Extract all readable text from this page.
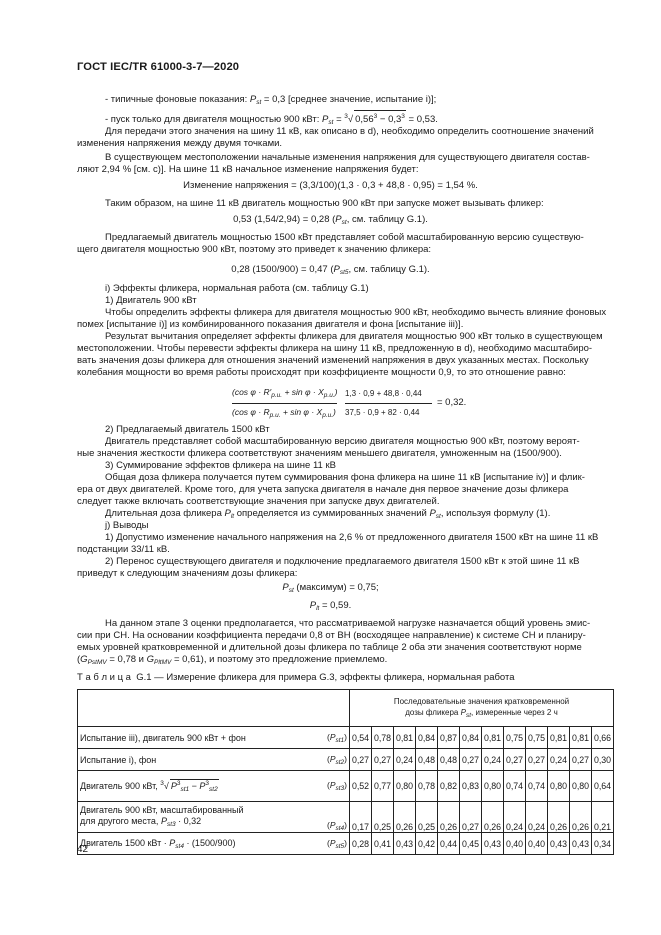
ГОСТ IEC/TR 61000-3-7—2020
- типичные фоновые показания: $P_{st} = 0,3$ [среднее значение, испытание i)];
- пуск только для двигателя мощностью 900 кВт: $P_{st} = ^3√$ $0,56^3 - 0,3^3 = 0,53$.
Для передачи этого значения на шину 11 кВ, как описано в d), необходимо определить соотношение значений
изменения напряжения между двумя точками.
В существующем местоположении начальные изменения напряжения для существующего двигателя состав-
ляют 2,94 % [см. с)]. На шине 11 кВ начальное изменение напряжения будет:
Изменение напряжения = (3,3/100)(1,3 · 0,3 + 48,8 · 0,95) = 1,54 %.
Таким образом, на шине 11 кВ двигатель мощностью 900 кВт при запуске может вызывать фликер:
0,53 (1,54/2,94) = 0,28 ($P_{st}$, см. таблицу G.1).
Предлагаемый двигатель мощностью 1500 кВт представляет собой масштабированную версию существую-
щего двигателя мощностью 900 кВт, поэтому это приведет к значению фликера:
0,28 (1500/900) = 0,47 ($P_{st5}$, см. таблицу G.1).
i) Эффекты фликера, нормальная работа (см. таблицу G.1)
1) Двигатель 900 кВт
Чтобы определить эффекты фликера для двигателя мощностью 900 кВт, необходимо вычесть влияние фоновых
помех [испытание i)] из комбинированного показания двигателя и фона [испытание iii)].
Результат вычитания определяет эффекты фликера для двигателя мощностью 900 кВт только в существующем
местоположении. Чтобы перевести эффекты фликера на шину 11 кВ, предложенную в d), необходимо масштабиро-
вать значения дозы фликера для отношения значений изменений напряжения в двух указанных местах. Поскольку
колебания мощности во время работы происходят при коэффициенте мощности 0,9, то это отношение равно:
(cos $\varphi \cdot R'_{p.u.} + \sin \varphi \cdot X_{p.u.}$)
(cos $\varphi \cdot R_{p.u.} + \sin \varphi \cdot X_{p.u.}$)
1,3 · 0,9 + 48,8 · 0,44
37,5 · 0,9 + 82 · 0,44
= 0,32.
2) Предлагаемый двигатель 1500 кВт
Двигатель представляет собой масштабированную версию двигателя мощностью 900 кВт, поэтому вероят-
ные значения жесткости фликера соответствуют значениям меньшего двигателя, умноженным на (1500/900).
3) Суммирование эффектов фликера на шине 11 кВ
Общая доза фликера получается путем суммирования фона фликера на шине 11 кВ [испытание iv)] и флик-
ера от двух двигателей. Кроме того, для учета запуска двигателя в начале дня первое значение дозы фликера
следует также включать соответствующие значения при запуске двух двигателей.
Длительная доза фликера $P_{lt}$ определяется из суммированных значений $P_{st}$, используя формулу (1).
j) Выводы
1) Допустимо изменение начального напряжения на 2,6 % от предложенного двигателя 1500 кВт на шине 11 кВ
подстанции 33/11 кВ.
2) Перенос существующего двигателя и подключение предлагаемого двигателя 1500 кВт к этой шине 11 кВ
приведут к следующим значениям дозы фликера:
$P_{st}$ (максимум) = 0,75;
$P_{lt} = 0,59$.
На данном этапе 3 оценки предполагается, что рассматриваемой нагрузке назначается общий уровень эмис-
сии при СН. На основании коэффициента передачи 0,8 от ВН (восходящее направление) к системе СН и планиру-
емых уровней кратковременной и длительной дозы фликера по таблице 2 оба эти значения соответствуют норме
($G_{PstMV} = 0,78$ и $G_{PltMV} = 0,61$), и поэтому это предложение приемлемо.
Т а б л и ц а G.1 — Измерение фликера для примера G.3, эффекты фликера, нормальная работа

		Последовательные значения кратковременной
дозы фликера $P_{st}$, измеренные через 2 ч											

Испытание iii), двигатель 900 кВт + фон	$(P_{st1})$	0,54	0,78	0,81	0,84	0,87	0,84	0,81	0,75	0,75	0,81	0,81	0,66
Испытание i), фон	$(P_{st2})$	0,27	0,27	0,24	0,48	0,48	0,27	0,24	0,27	0,27	0,24	0,27	0,30
Двигатель 900 кВт, $^3$√ $P^3_{st1} - P^3_{st2}$	$(P_{st3})$	0,52	0,77	0,80	0,78	0,82	0,83	0,80	0,74	0,74	0,80	0,80	0,64
Двигатель 900 кВт, масштабированный
для другого места, $P_{st3} \cdot 0,32$	$(P_{st4})$	0,17	0,25	0,26	0,25	0,26	0,27	0,26	0,24	0,24	0,26	0,26	0,21
Двигатель 1500 кВт · $P_{st4} \cdot (1500/900)$	$(P_{st5})$	0,28	0,41	0,43	0,42	0,44	0,45	0,43	0,40	0,40	0,43	0,43	0,34
42
